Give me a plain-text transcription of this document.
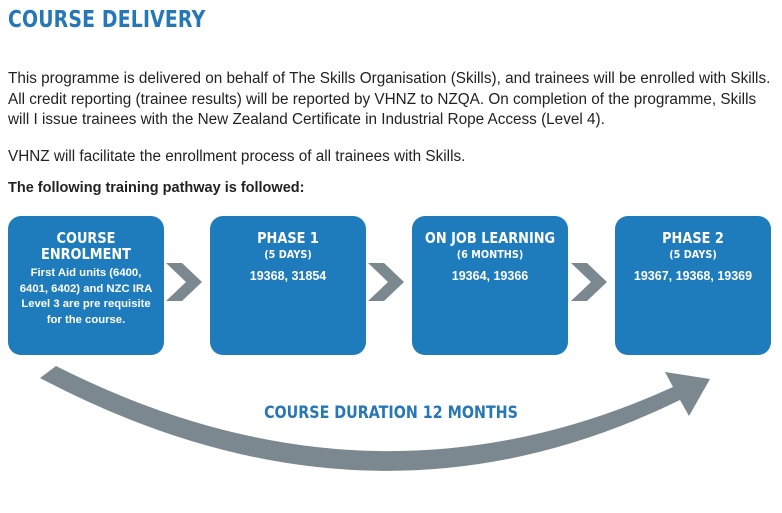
COURSE DELIVERY

This programme is delivered on behalf of The Skills Organisation (Skills), and trainees will be enrolled with Skills. All credit reporting (trainee results) will be reported by VHNZ to NZQA. On completion of the programme, Skills will I issue trainees with the New Zealand Certificate in Industrial Rope Access (Level 4).

VHNZ will facilitate the enrollment process of all trainees with Skills.

The following training pathway is followed:

COURSE
ENROLMENT
First Aid units (6400, 6401, 6402) and NZC IRA Level 3 are pre requisite for the course.
PHASE 1
(5 DAYS)
19368, 31854
ON JOB LEARNING
(6 MONTHS)
19364, 19366
PHASE 2
(5 DAYS)
19367, 19368, 19369

COURSE DURATION 12 MONTHS
